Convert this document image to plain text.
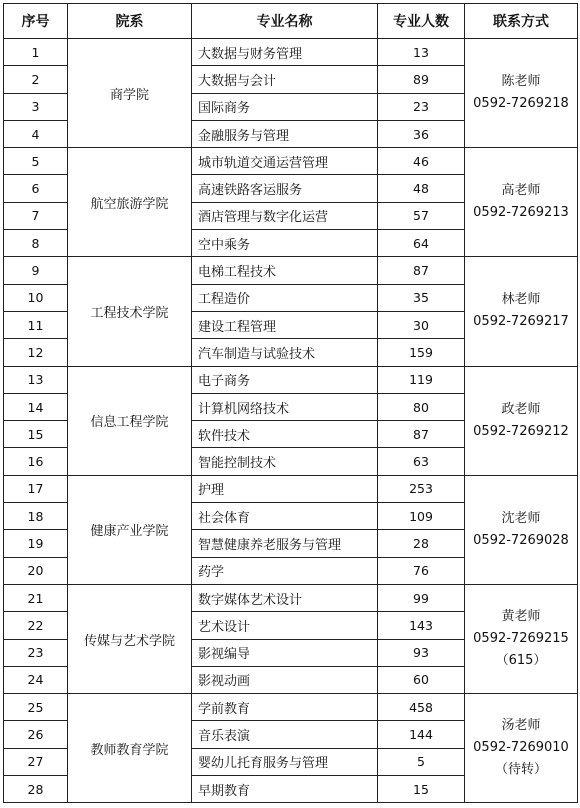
序号	院系	专业名称	专业人数	联系方式
1	商学院	大数据与财务管理	13	陈老师
0592-7269218

2		大数据与会计	89	
3		国际商务	23	
4		金融服务与管理	36	
5	航空旅游学院	城市轨道交通运营管理	46	高老师
0592-7269213

6		高速铁路客运服务	48	
7		酒店管理与数字化运营	57	
8		空中乘务	64	
9	工程技术学院	电梯工程技术	87	林老师
0592-7269217

10		工程造价	35	
11		建设工程管理	30	
12		汽车制造与试验技术	159	
13	信息工程学院	电子商务	119	政老师
0592-7269212

14		计算机网络技术	80	
15		软件技术	87	
16		智能控制技术	63	
17	健康产业学院	护理	253	沈老师
0592-7269028

18		社会体育	109	
19		智慧健康养老服务与管理	28	
20		药学	76	
21	传媒与艺术学院	数字媒体艺术设计	99	黄老师
0592-7269215
（615）

22		艺术设计	143	
23		影视编导	93	
24		影视动画	60	
25	教师教育学院	学前教育	458	汤老师
0592-7269010
（待转）

26		音乐表演	144	
27		婴幼儿托育服务与管理	5	
28		早期教育	15	
